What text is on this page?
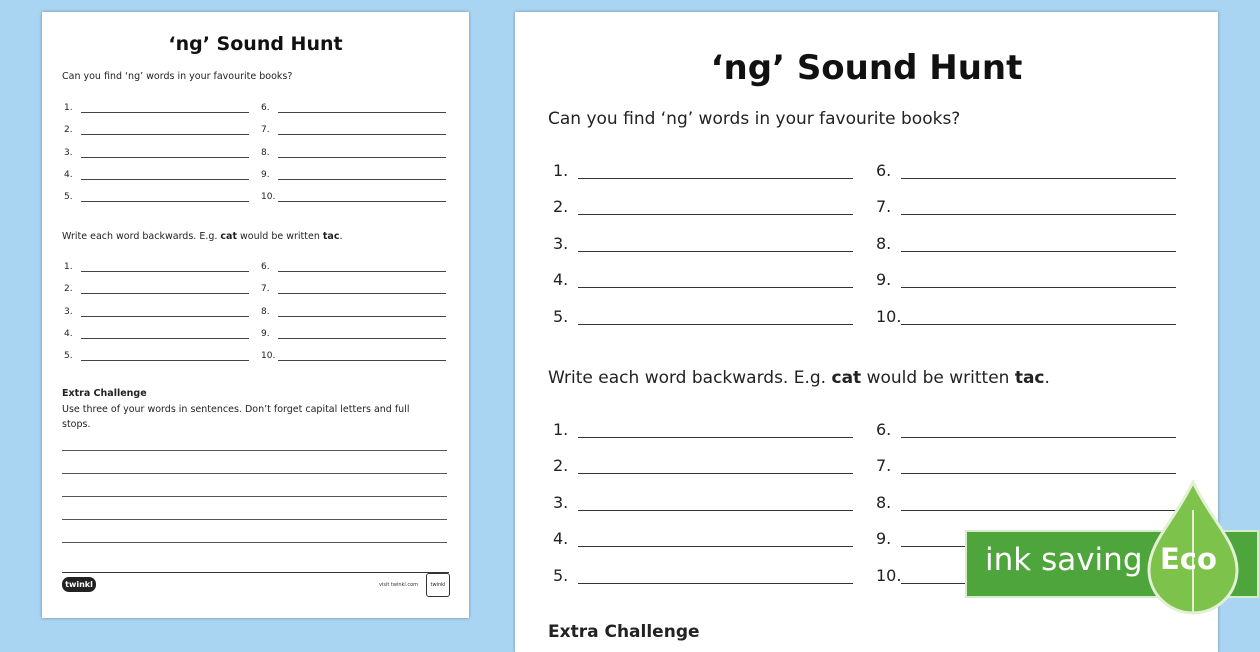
‘ng’ Sound Hunt
Can you find ‘ng’ words in your favourite books?
1.
2.
3.
4.
5.
6.
7.
8.
9.
10.
Write each word backwards. E.g. cat would be written tac.
1.
2.
3.
4.
5.
6.
7.
8.
9.
10.
Extra Challenge
Use three of your words in sentences. Don’t forget capital letters and full stops.
twinkl	visit twinkl.com	twinkl
‘ng’ Sound Hunt
Can you find ‘ng’ words in your favourite books?
1.
2.
3.
4.
5.
6.
7.
8.
9.
10.
Write each word backwards. E.g. cat would be written tac.
1.
2.
3.
4.
5.
6.
7.
8.
9.
10.
Extra Challenge
ink saving Eco
